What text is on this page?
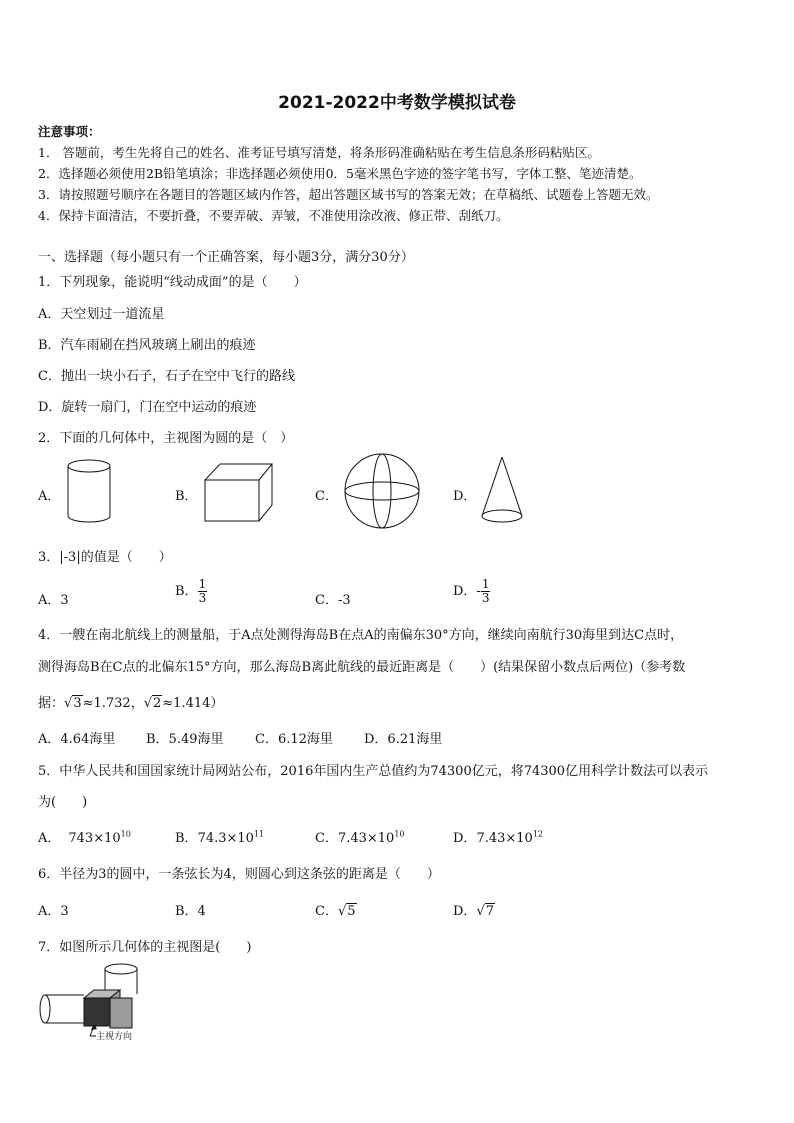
2021-2022中考数学模拟试卷
注意事项：
1． 答题前，考生先将自己的姓名、准考证号填写清楚，将条形码准确粘贴在考生信息条形码粘贴区。
2．选择题必须使用2B铅笔填涂；非选择题必须使用0．5毫米黑色字迹的签字笔书写，字体工整、笔迹清楚。
3．请按照题号顺序在各题目的答题区域内作答，超出答题区域书写的答案无效；在草稿纸、试题卷上答题无效。
4．保持卡面清洁，不要折叠，不要弄破、弄皱，不准使用涂改液、修正带、刮纸刀。
一、选择题（每小题只有一个正确答案，每小题3分，满分30分）
1．下列现象，能说明“线动成面”的是（　　）
A．天空划过一道流星
B．汽车雨刷在挡风玻璃上刷出的痕迹
C．抛出一块小石子，石子在空中飞行的路线
D．旋转一扇门，门在空中运动的痕迹
2．下面的几何体中，主视图为圆的是（　）
A．	B．	C．	D．
3．|-3|的值是（　　）
A．3
B． $\frac{1}{3}$	C．-3
D．- $\frac{1}{3}$
4．一艘在南北航线上的测量船，于A点处测得海岛B在点A的南偏东30°方向，继续向南航行30海里到达C点时，
测得海岛B在C点的北偏东15°方向，那么海岛B离此航线的最近距离是（　　）(结果保留小数点后两位)（参考数
据：√3≈1.732，√2≈1.414）
A．4.64海里 B．5.49海里 C．6.12海里 D．6.21海里
5．中华人民共和国国家统计局网站公布，2016年国内生产总值约为74300亿元，将74300亿用科学计数法可以表示
为(　　)
A． $743\times 10^{10}$	B．$74.3\times 10^{11}$	C．$7.43\times 10^{10}$	D．$7.43\times 10^{12}$
6．半径为3的圆中，一条弦长为4，则圆心到这条弦的距离是（　　）
A．3	B．4	C．√5	D．√7
7．如图所示几何体的主视图是(　　)
主视方向
